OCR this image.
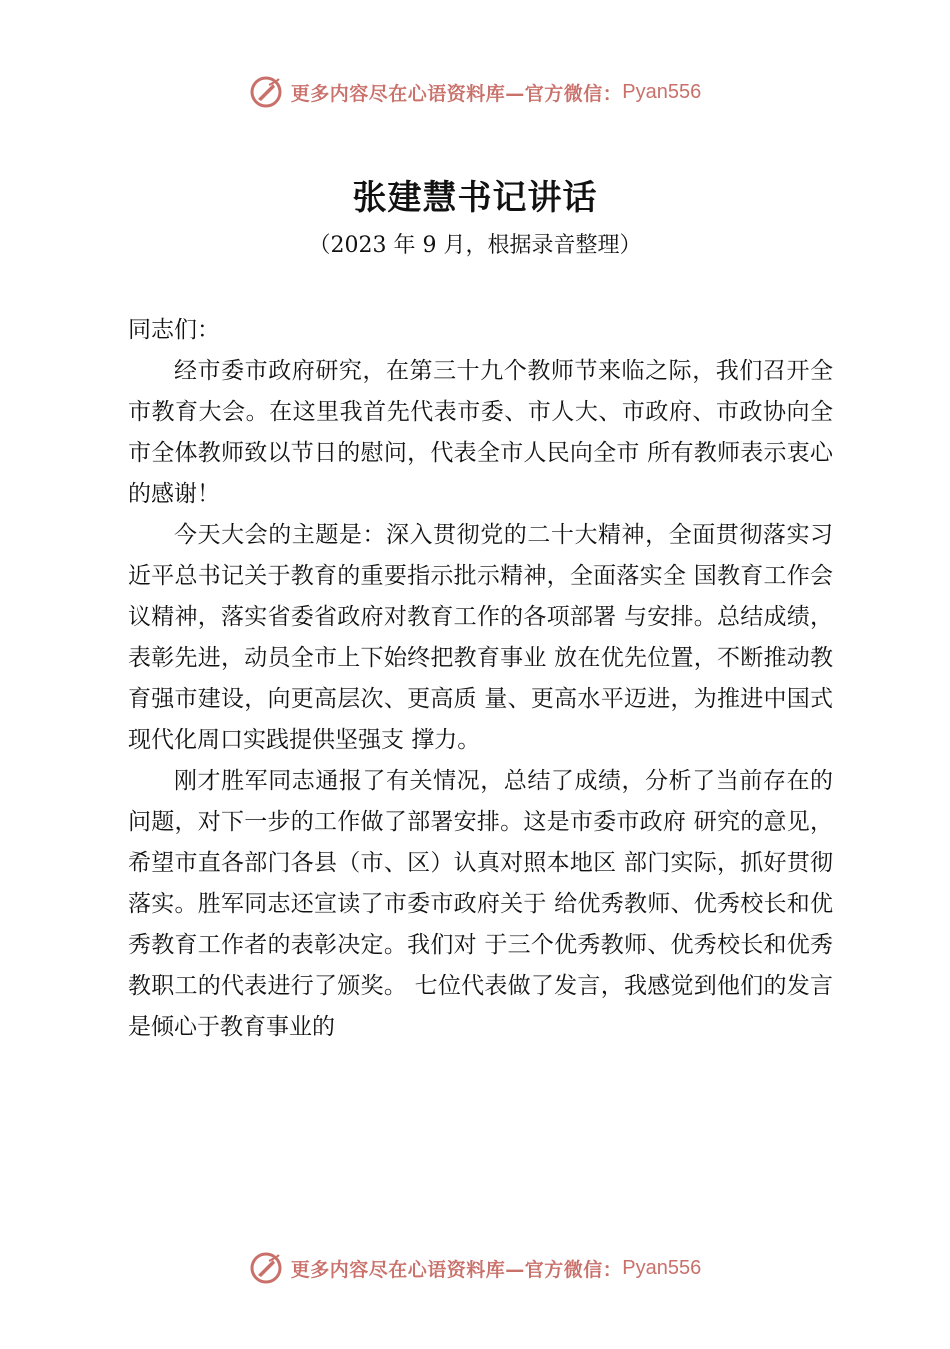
更多内容尽在心语资料库—官方微信： Pyan556
张建慧书记讲话
（2023 年 9 月，根据录音整理）

同志们：

经市委市政府研究，在第三十九个教师节来临之际，我们召开全市教育大会。在这里我首先代表市委、市人大、市政府、市政协向全市全体教师致以节日的慰问，代表全市人民向全市 所有教师表示衷心的感谢！

今天大会的主题是：深入贯彻党的二十大精神，全面贯彻落实习近平总书记关于教育的重要指示批示精神，全面落实全 国教育工作会议精神，落实省委省政府对教育工作的各项部署 与安排。总结成绩，表彰先进，动员全市上下始终把教育事业 放在优先位置，不断推动教育强市建设，向更高层次、更高质 量、更高水平迈进，为推进中国式现代化周口实践提供坚强支 撑力。

刚才胜军同志通报了有关情况，总结了成绩，分析了当前存在的问题，对下一步的工作做了部署安排。这是市委市政府 研究的意见，希望市直各部门各县（市、区）认真对照本地区 部门实际，抓好贯彻落实。胜军同志还宣读了市委市政府关于 给优秀教师、优秀校长和优秀教育工作者的表彰决定。我们对 于三个优秀教师、优秀校长和优秀教职工的代表进行了颁奖。 七位代表做了发言，我感觉到他们的发言是倾心于教育事业的

更多内容尽在心语资料库—官方微信： Pyan556
